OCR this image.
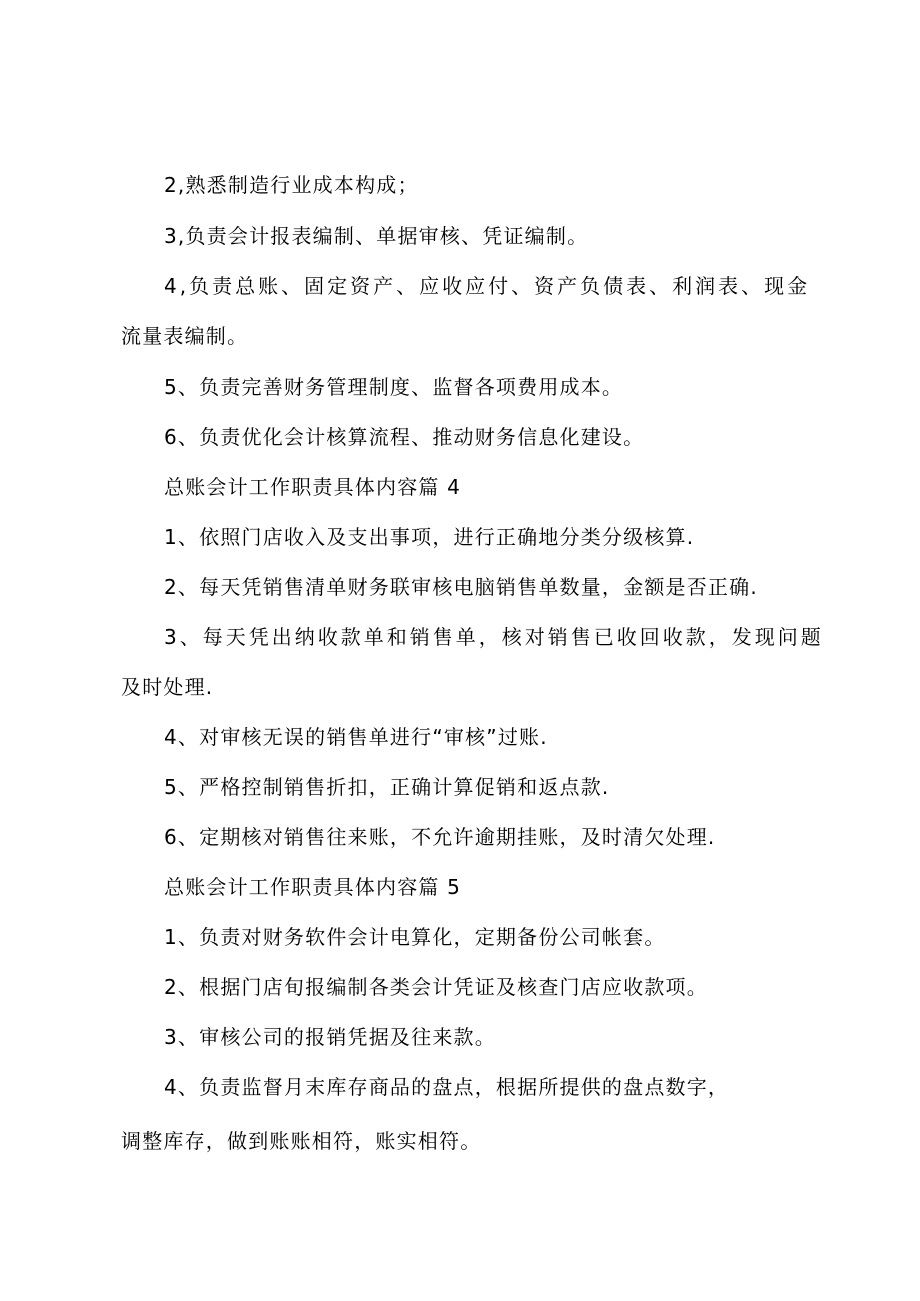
2,熟悉制造行业成本构成；
3,负责会计报表编制、单据审核、凭证编制。
4,负责总账、固定资产、应收应付、资产负债表、利润表、现金
流量表编制。
5、负责完善财务管理制度、监督各项费用成本。
6、负责优化会计核算流程、推动财务信息化建设。
总账会计工作职责具体内容篇 4
1、依照门店收入及支出事项，进行正确地分类分级核算.
2、每天凭销售清单财务联审核电脑销售单数量，金额是否正确.
3、每天凭出纳收款单和销售单，核对销售已收回收款，发现问题
及时处理.
4、对审核无误的销售单进行“审核”过账.
5、严格控制销售折扣，正确计算促销和返点款.
6、定期核对销售往来账，不允许逾期挂账，及时清欠处理.
总账会计工作职责具体内容篇 5
1、负责对财务软件会计电算化，定期备份公司帐套。
2、根据门店旬报编制各类会计凭证及核查门店应收款项。
3、审核公司的报销凭据及往来款。
4、负责监督月末库存商品的盘点，根据所提供的盘点数字，
调整库存，做到账账相符，账实相符。
